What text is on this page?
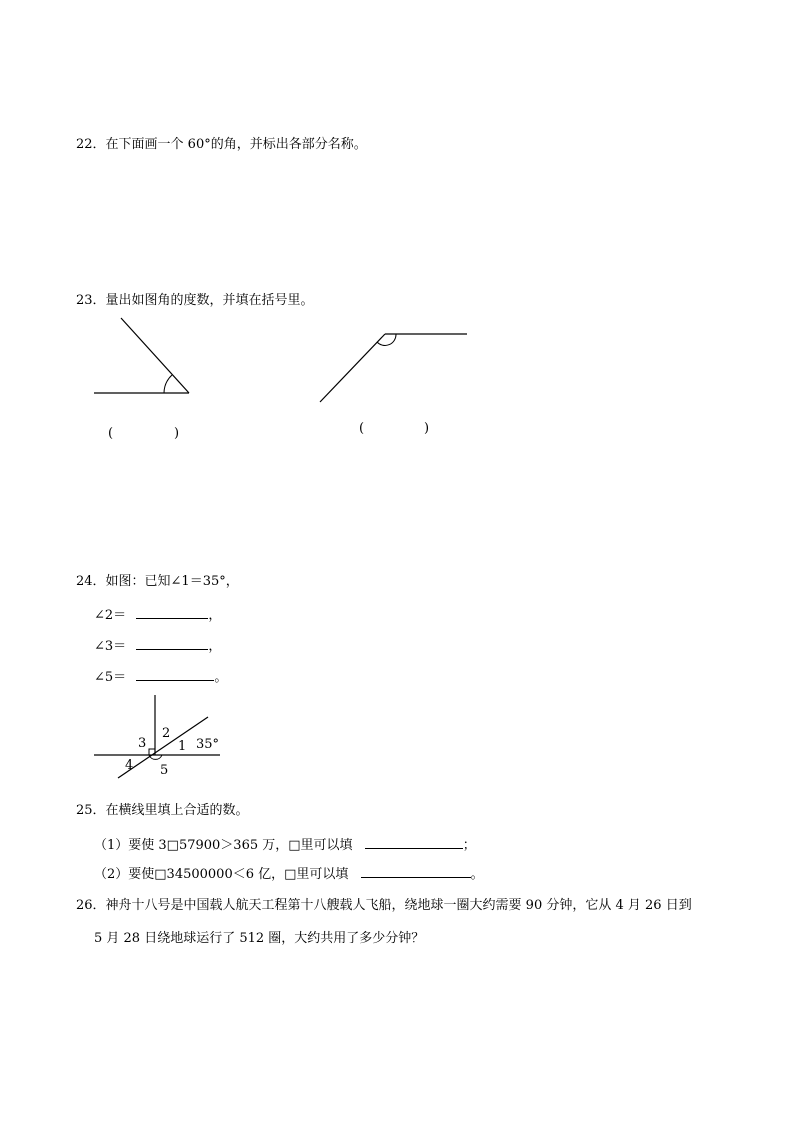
22．在下面画一个 60°的角，并标出各部分名称。
23．量出如图角的度数，并填在括号里。
2
3 1 35°
4 5
(	)	(	)
24．如图：已知∠1＝35°，
∠2＝	，
∠3＝	，
∠5＝	。
25．在横线里填上合适的数。
（1）要使 3□57900＞365 万，□里可以填	；
（2）要使□34500000＜6 亿，□里可以填	。
26．神舟十八号是中国载人航天工程第十八艘载人飞船，绕地球一圈大约需要 90 分钟，它从 4 月 26 日到
5 月 28 日绕地球运行了 512 圈，大约共用了多少分钟？
